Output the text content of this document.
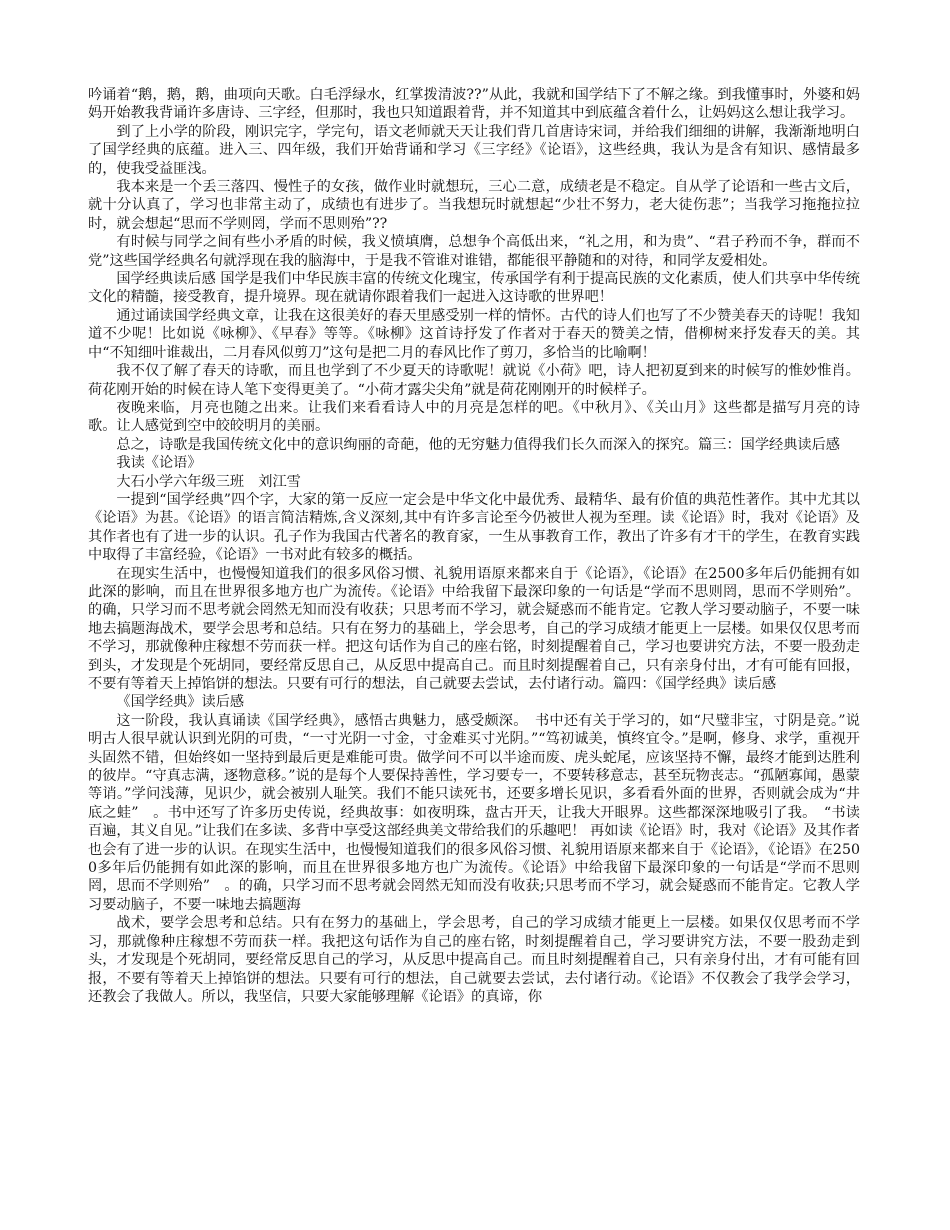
吟诵着“鹅，鹅，鹅，曲项向天歌。白毛浮绿水，红掌拨清波??”从此，我就和国学结下了不解之缘。到我懂事时，外婆和妈妈开始教我背诵许多唐诗、三字经，但那时，我也只知道跟着背，并不知道其中到底蕴含着什么，让妈妈这么想让我学习。

到了上小学的阶段，刚识完字，学完句，语文老师就天天让我们背几首唐诗宋词，并给我们细细的讲解，我渐渐地明白了国学经典的底蕴。进入三、四年级，我们开始背诵和学习《三字经》《论语》，这些经典，我认为是含有知识、感情最多的，使我受益匪浅。

我本来是一个丢三落四、慢性子的女孩，做作业时就想玩，三心二意，成绩老是不稳定。自从学了论语和一些古文后，就十分认真了，学习也非常主动了，成绩也有进步了。当我想玩时就想起“少壮不努力，老大徒伤悲”；当我学习拖拖拉拉时，就会想起“思而不学则罔，学而不思则殆”??

有时候与同学之间有些小矛盾的时候，我义愤填膺，总想争个高低出来，“礼之用，和为贵”、“君子矜而不争，群而不党”这些国学经典名句就浮现在我的脑海中，于是我不管谁对谁错，都能很平静随和的对待，和同学友爱相处。

国学经典读后感 国学是我们中华民族丰富的传统文化瑰宝，传承国学有利于提高民族的文化素质，使人们共享中华传统文化的精髓，接受教育，提升境界。现在就请你跟着我们一起进入这诗歌的世界吧！

通过诵读国学经典文章，让我在这很美好的春天里感受别一样的情怀。古代的诗人们也写了不少赞美春天的诗呢！我知道不少呢！比如说《咏柳》、《早春》等等。《咏柳》这首诗抒发了作者对于春天的赞美之情，借柳树来抒发春天的美。其中“不知细叶谁裁出，二月春风似剪刀”这句是把二月的春风比作了剪刀，多恰当的比喻啊！

我不仅了解了春天的诗歌，而且也学到了不少夏天的诗歌呢！就说《小荷》吧，诗人把初夏到来的时候写的惟妙惟肖。荷花刚开始的时候在诗人笔下变得更美了。“小荷才露尖尖角”就是荷花刚刚开的时候样子。

夜晚来临，月亮也随之出来。让我们来看看诗人中的月亮是怎样的吧。《中秋月》、《关山月》这些都是描写月亮的诗歌。让人感觉到空中皎皎明月的美丽。

总之，诗歌是我国传统文化中的意识绚丽的奇葩，他的无穷魅力值得我们长久而深入的探究。篇三：国学经典读后感

我读《论语》

大石小学六年级三班　刘江雪

一提到“国学经典”四个字，大家的第一反应一定会是中华文化中最优秀、最精华、最有价值的典范性著作。其中尤其以《论语》为甚。《论语》的语言简洁精炼,含义深刻,其中有许多言论至今仍被世人视为至理。读《论语》时，我对《论语》及其作者也有了进一步的认识。孔子作为我国古代著名的教育家，一生从事教育工作，教出了许多有才干的学生，在教育实践中取得了丰富经验，《论语》一书对此有较多的概括。

在现实生活中，也慢慢知道我们的很多风俗习惯、礼貌用语原来都来自于《论语》，《论语》在2500多年后仍能拥有如此深的影响，而且在世界很多地方也广为流传。《论语》中给我留下最深印象的一句话是“学而不思则罔，思而不学则殆”。的确，只学习而不思考就会罔然无知而没有收获；只思考而不学习，就会疑惑而不能肯定。它教人学习要动脑子，不要一味地去搞题海战术，要学会思考和总结。只有在努力的基础上，学会思考，自己的学习成绩才能更上一层楼。如果仅仅思考而不学习，那就像种庄稼想不劳而获一样。把这句话作为自己的座右铭，时刻提醒着自己，学习也要讲究方法，不要一股劲走到头，才发现是个死胡同，要经常反思自己，从反思中提高自己。而且时刻提醒着自己，只有亲身付出，才有可能有回报，不要有等着天上掉馅饼的想法。只要有可行的想法，自己就要去尝试，去付诸行动。篇四：《国学经典》读后感

《国学经典》读后感

这一阶段，我认真诵读《国学经典》，感悟古典魅力，感受颇深。　书中还有关于学习的，如“尺璧非宝，寸阴是竞。”说明古人很早就认识到光阴的可贵，“一寸光阴一寸金，寸金难买寸光阴。”“笃初诚美，慎终宜令。”是啊，修身、求学，重视开头固然不错，但始终如一坚持到最后更是难能可贵。做学问不可以半途而废、虎头蛇尾，应该坚持不懈，最终才能到达胜利的彼岸。“守真志满，逐物意移。”说的是每个人要保持善性，学习要专一，不要转移意志，甚至玩物丧志。“孤陋寡闻，愚蒙等诮。”学问浅薄，见识少，就会被别人耻笑。我们不能只读死书，还要多增长见识，多看看外面的世界，否则就会成为“井底之蛙”　。书中还写了许多历史传说，经典故事：如夜明珠，盘古开天，让我大开眼界。这些都深深地吸引了我。　“书读百遍，其义自见。”让我们在多读、多背中享受这部经典美文带给我们的乐趣吧！ 再如读《论语》时，我对《论语》及其作者也会有了进一步的认识。在现实生活中，也慢慢知道我们的很多风俗习惯、礼貌用语原来都来自于《论语》，《论语》在2500多年后仍能拥有如此深的影响，而且在世界很多地方也广为流传。《论语》中给我留下最深印象的一句话是“学而不思则罔，思而不学则殆”　。的确，只学习而不思考就会罔然无知而没有收获;只思考而不学习，就会疑惑而不能肯定。它教人学习要动脑子，不要一味地去搞题海

战术，要学会思考和总结。只有在努力的基础上，学会思考，自己的学习成绩才能更上一层楼。如果仅仅思考而不学习，那就像种庄稼想不劳而获一样。我把这句话作为自己的座右铭，时刻提醒着自己，学习要讲究方法，不要一股劲走到头，才发现是个死胡同，要经常反思自己的学习，从反思中提高自己。而且时刻提醒着自己，只有亲身付出，才有可能有回报，不要有等着天上掉馅饼的想法。只要有可行的想法，自己就要去尝试，去付诸行动。《论语》不仅教会了我学会学习，还教会了我做人。所以，我坚信，只要大家能够理解《论语》的真谛，你
